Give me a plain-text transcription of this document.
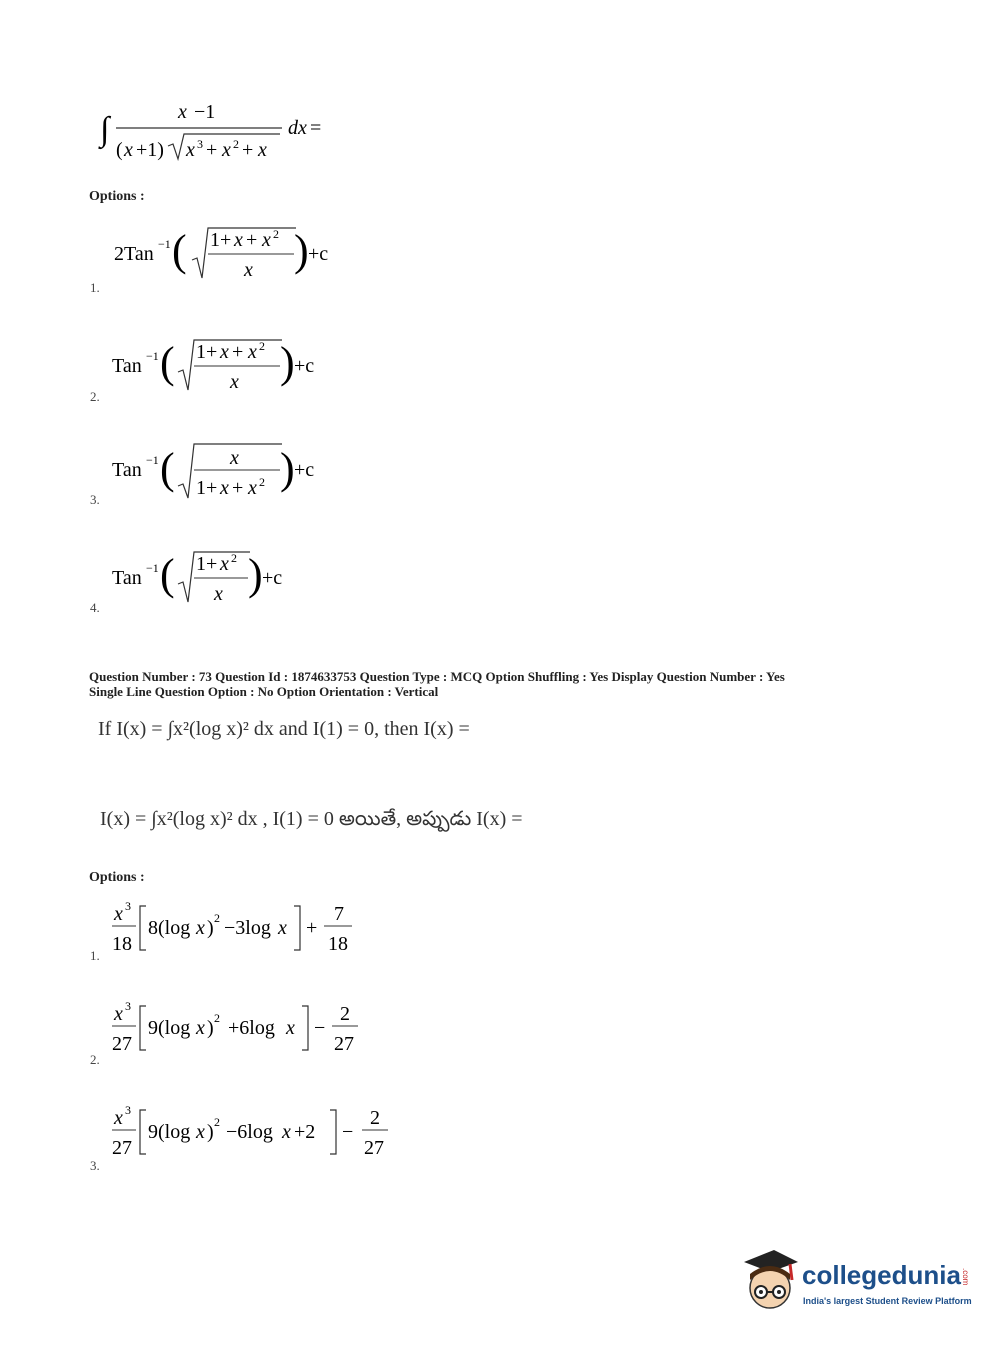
∫	x −1
( x +1) x 3 + x 2 + x
dx =
Options :
2Tan −1 ( 1+ x + x 2
x ) +c
1.
Tan −1 ( 1+ x + x 2
x ) +c
2.
Tan −1 (	x
1+ x + x 2 ) +c
3.
Tan −1 ( 1+ x 2
x ) +c
4.
Question Number : 73 Question Id : 1874633753 Question Type : MCQ Option Shuffling : Yes Display Question Number : Yes
Single Line Question Option : No Option Orientation : Vertical
If I(x) = ∫x²(log x)² dx and I(1) = 0, then I(x) =
I(x) = ∫x²(log x)² dx , I(1) = 0 అయితే, అప్పుడు I(x) =
Options :
x 3
18
8(log x ) 2 −3log x +
7
18
1.
x 3
27
9(log x ) 2 +6log x −
2
27
2.
x 3
27
9(log x ) 2 −6log x +2 −
2
27
3.
collegedunia.com
India's largest Student Review Platform
